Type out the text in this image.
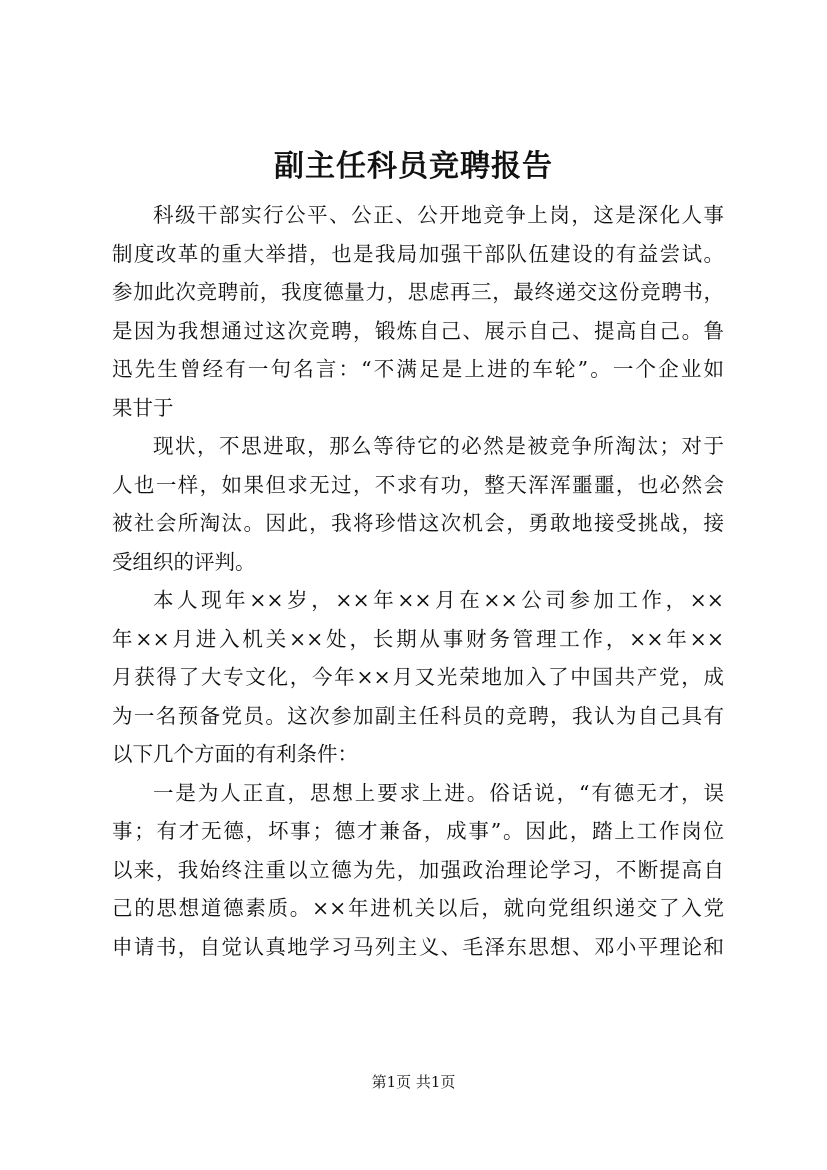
副主任科员竞聘报告
科级干部实行公平、公正、公开地竞争上岗，这是深化人事
制度改革的重大举措，也是我局加强干部队伍建设的有益尝试。
参加此次竞聘前，我度德量力，思虑再三，最终递交这份竞聘书，
是因为我想通过这次竞聘，锻炼自己、展示自己、提高自己。鲁
迅先生曾经有一句名言：“不满足是上进的车轮”。一个企业如
果甘于
现状，不思进取，那么等待它的必然是被竞争所淘汰；对于
人也一样，如果但求无过，不求有功，整天浑浑噩噩，也必然会
被社会所淘汰。因此，我将珍惜这次机会，勇敢地接受挑战，接
受组织的评判。
本人现年××岁，××年××月在××公司参加工作，××
年××月进入机关××处，长期从事财务管理工作，××年××
月获得了大专文化，今年××月又光荣地加入了中国共产党，成
为一名预备党员。这次参加副主任科员的竞聘，我认为自己具有
以下几个方面的有利条件：
一是为人正直，思想上要求上进。俗话说，“有德无才，误
事；有才无德，坏事；德才兼备，成事”。因此，踏上工作岗位
以来，我始终注重以立德为先，加强政治理论学习，不断提高自
己的思想道德素质。××年进机关以后，就向党组织递交了入党
申请书，自觉认真地学习马列主义、毛泽东思想、邓小平理论和
第1页 共1页
